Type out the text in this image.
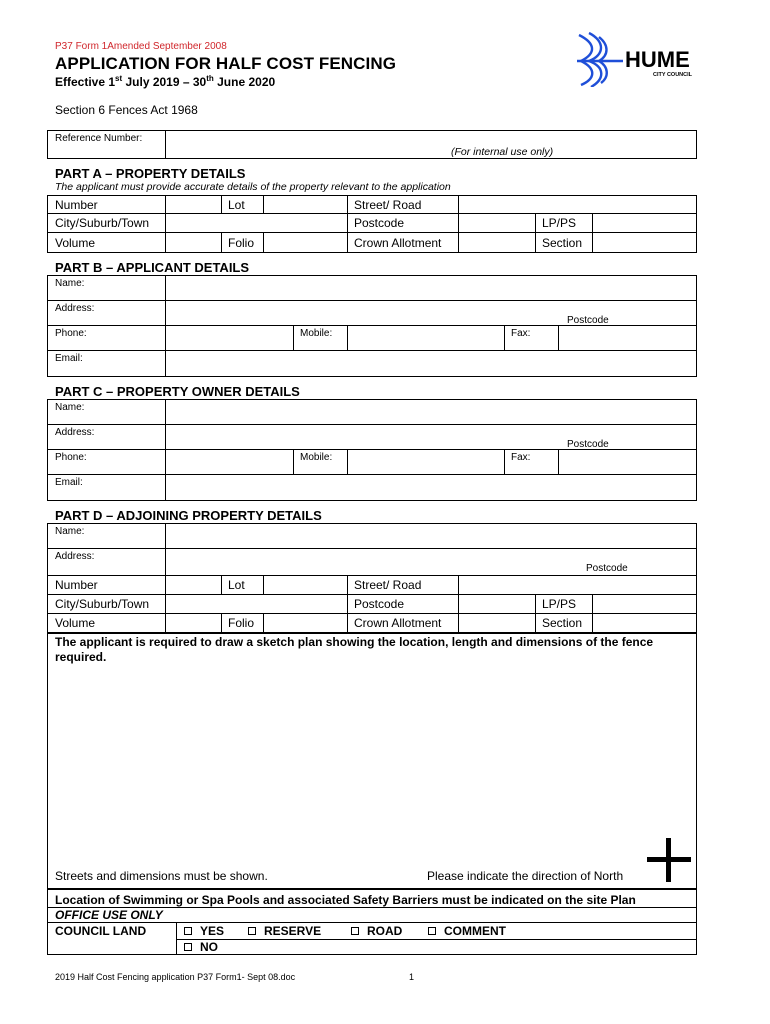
P37 Form 1Amended September 2008
APPLICATION FOR HALF COST FENCING
Effective 1st July 2019 – 30th June 2020
Section 6 Fences Act 1968
HUME
CITY COUNCIL
Reference Number:
(For internal use only)
PART A – PROPERTY DETAILS
The applicant must provide accurate details of the property relevant to the application
Number	Lot	Street/ Road
City/Suburb/Town	Postcode	LP/PS
Volume	Folio	Crown Allotment	Section
PART B – APPLICANT DETAILS
Name:
Address:
Postcode
Phone:	Mobile:	Fax:
Email:
PART C – PROPERTY OWNER DETAILS
Name:
Address:
Postcode
Phone:	Mobile:	Fax:
Email:
PART D – ADJOINING PROPERTY DETAILS
Name:
Address:
Postcode
Number	Lot	Street/ Road
City/Suburb/Town	Postcode	LP/PS
Volume	Folio	Crown Allotment	Section
The applicant is required to draw a sketch plan showing the location, length and dimensions of the fence required.
Streets and dimensions must be shown.	Please indicate the direction of North
Location of Swimming or Spa Pools and associated Safety Barriers must be indicated on the site Plan
OFFICE USE ONLY
COUNCIL LAND	YES	RESERVE	ROAD	COMMENT
NO
2019 Half Cost Fencing application P37 Form1- Sept 08.doc	1
